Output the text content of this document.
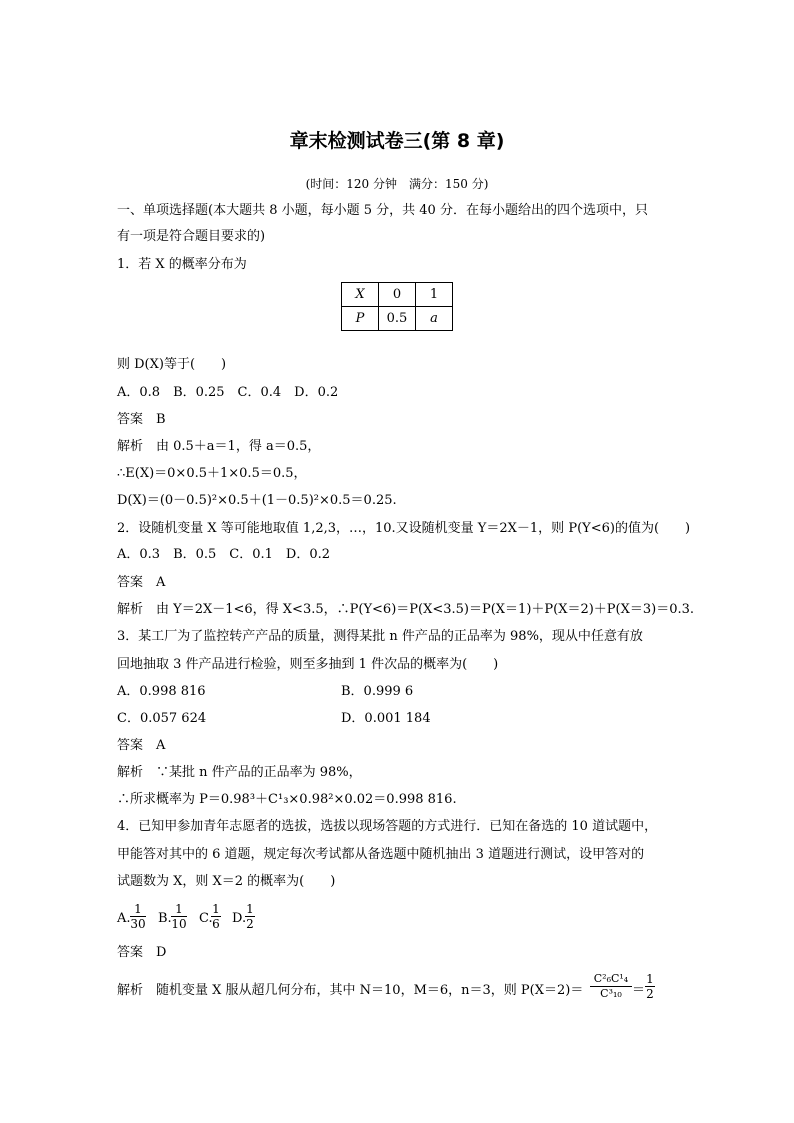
章末检测试卷三(第 8 章)
(时间：120 分钟　满分：150 分)
一、单项选择题(本大题共 8 小题，每小题 5 分，共 40 分．在每小题给出的四个选项中，只
有一项是符合题目要求的)
1．若 X 的概率分布为
X	0	1
P	0.5	a
则 D(X)等于(　　)
A．0.8　B．0.25　C．0.4　D．0.2
答案　B
解析　由 0.5＋a＝1，得 a＝0.5，
∴E(X)＝0×0.5＋1×0.5＝0.5，
D(X)＝(0－0.5)²×0.5＋(1－0.5)²×0.5＝0.25.
2．设随机变量 X 等可能地取值 1,2,3，…，10.又设随机变量 Y＝2X－1，则 P(Y<6)的值为(　　)
A．0.3　B．0.5　C．0.1　D．0.2
答案　A
解析　由 Y＝2X－1<6，得 X<3.5，∴P(Y<6)＝P(X<3.5)＝P(X＝1)＋P(X＝2)＋P(X＝3)＝0.3.
3．某工厂为了监控转产产品的质量，测得某批 n 件产品的正品率为 98%，现从中任意有放
回地抽取 3 件产品进行检验，则至多抽到 1 件次品的概率为(　　)
A．0.998 816	B．0.999 6
C．0.057 624	D．0.001 184
答案　A
解析　∵某批 n 件产品的正品率为 98%，
∴所求概率为 P＝0.98³＋C¹₃×0.98²×0.02＝0.998 816.
4．已知甲参加青年志愿者的选拔，选拔以现场答题的方式进行．已知在备选的 10 道试题中，
甲能答对其中的 6 道题，规定每次考试都从备选题中随机抽出 3 道题进行测试，设甲答对的
试题数为 X，则 X＝2 的概率为(　　)
A. $\frac{1}{30} B$. $\frac{1}{10} C$.
$\frac{1}{6} D$.
$\frac{1}{2}$
答案　D
解析　随机变量 X 服从超几何分布，其中 N＝10，M＝6，n＝3，则 $P(X=2)= \frac{\text{C²₆C¹₄}}{\text{C³₁₀}} = \frac{1}{2}$
